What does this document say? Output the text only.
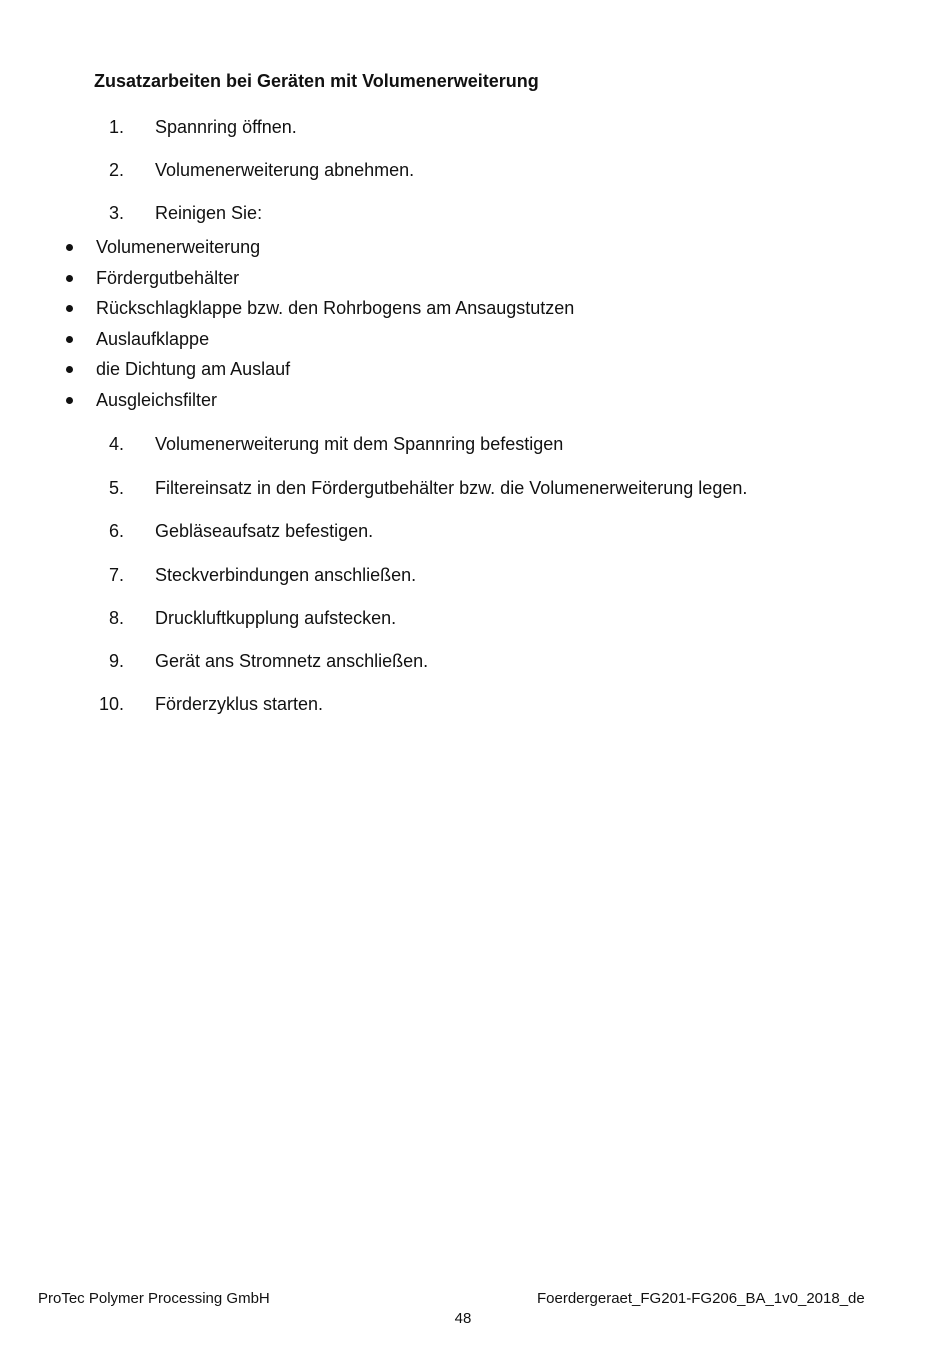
Zusatzarbeiten bei Geräten mit Volumenerweiterung
1. Spannring öffnen.
2. Volumenerweiterung abnehmen.
3. Reinigen Sie:
Volumenerweiterung
Fördergutbehälter
Rückschlagklappe bzw. den Rohrbogens am Ansaugstutzen
Auslaufklappe
die Dichtung am Auslauf
Ausgleichsfilter
4. Volumenerweiterung mit dem Spannring befestigen
5. Filtereinsatz in den Fördergutbehälter bzw. die Volumenerweiterung legen.
6. Gebläseaufsatz befestigen.
7. Steckverbindungen anschließen.
8. Druckluftkupplung aufstecken.
9. Gerät ans Stromnetz anschließen.
10. Förderzyklus starten.
ProTec Polymer Processing GmbH	Foerdergeraet_FG201-FG206_BA_1v0_2018_de
48
